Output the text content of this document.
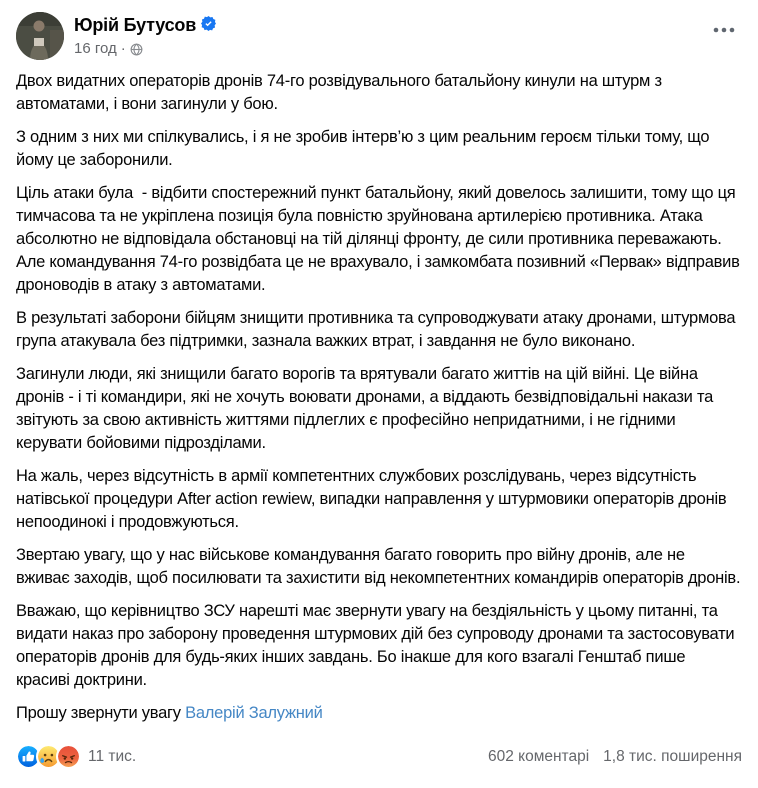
Юрій Бутусов
16 год ·

Двох видатних операторів дронів 74-го розвідувального батальйону кинули на штурм з автоматами, і вони загинули у бою.

З одним з них ми спілкувались, і я не зробив інтерв’ю з цим реальним героєм тільки тому, що йому це заборонили.

Ціль атаки була  - відбити спостережний пункт батальйону, який довелось залишити, тому що ця тимчасова та не укріплена позиція була повністю зруйнована артилерією противника. Атака абсолютно не відповідала обстановці на тій ділянці фронту, де сили противника переважають. Але командування 74-го розвідбата це не врахувало, і замкомбата позивний «Первак» відправив дроноводів в атаку з автоматами.

В результаті заборони бійцям знищити противника та супроводжувати атаку дронами, штурмова група атакувала без підтримки, зазнала важких втрат, і завдання не було виконано.

Загинули люди, які знищили багато ворогів та врятували багато життів на цій війні. Це війна дронів - і ті командири, які не хочуть воювати дронами, а віддають безвідповідальні накази та звітують за свою активність життями підлеглих є професійно непридатними, і не гідними керувати бойовими підрозділами.

На жаль, через відсутність в армії компетентних службових розслідувань, через відсутність натівської процедури After action rewiew, випадки направлення у штурмовики операторів дронів непоодинокі і продовжуються.

Звертаю увагу, що у нас військове командування багато говорить про війну дронів, але не вживає заходів, щоб посилювати та захистити від некомпетентних командирів операторів дронів.

Вважаю, що керівництво ЗСУ нарешті має звернути увагу на бездіяльність у цьому питанні, та видати наказ про заборону проведення штурмових дій без супроводу дронами та застосовувати операторів дронів для будь-яких інших завдань. Бо інакше для кого взагалі Генштаб пише красиві доктрини.

Прошу звернути увагу Валерій Залужний

11 тис.	602 коментарі 1,8 тис. поширення
